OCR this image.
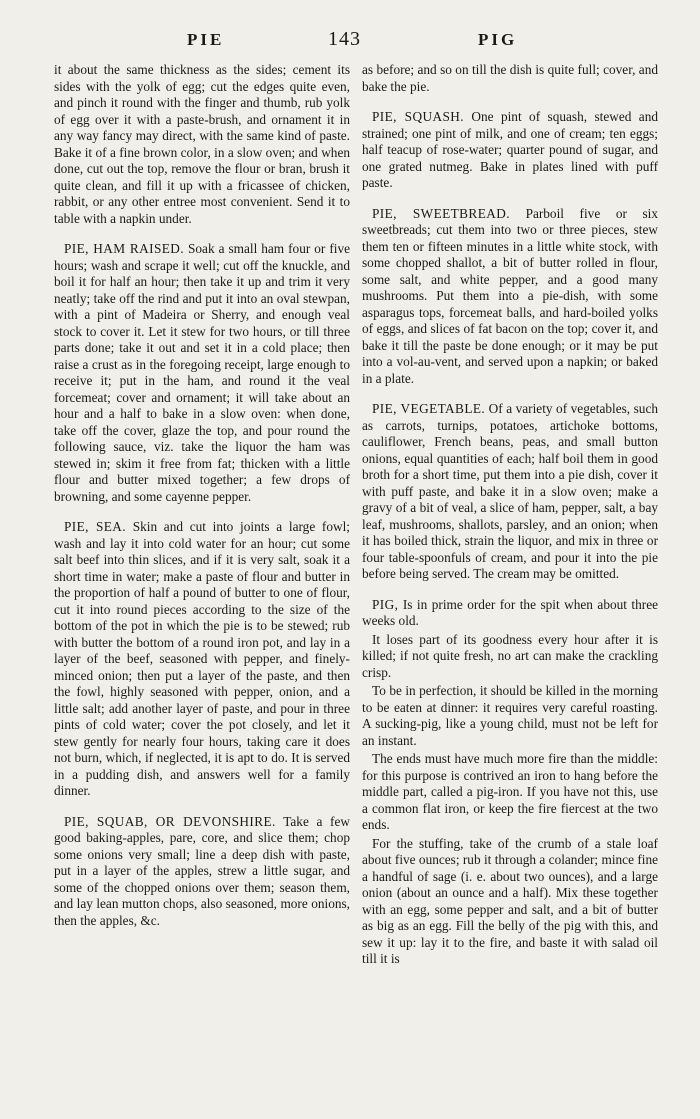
PIE	143	PIG

it about the same thickness as the sides; cement its sides with the yolk of egg; cut the edges quite even, and pinch it round with the finger and thumb, rub yolk of egg over it with a paste-brush, and ornament it in any way fancy may direct, with the same kind of paste. Bake it of a fine brown color, in a slow oven; and when done, cut out the top, remove the flour or bran, brush it quite clean, and fill it up with a fricassee of chicken, rabbit, or any other entree most convenient. Send it to table with a napkin under.

PIE, HAM RAISED. Soak a small ham four or five hours; wash and scrape it well; cut off the knuckle, and boil it for half an hour; then take it up and trim it very neatly; take off the rind and put it into an oval stewpan, with a pint of Madeira or Sherry, and enough veal stock to cover it. Let it stew for two hours, or till three parts done; take it out and set it in a cold place; then raise a crust as in the foregoing receipt, large enough to receive it; put in the ham, and round it the veal forcemeat; cover and ornament; it will take about an hour and a half to bake in a slow oven: when done, take off the cover, glaze the top, and pour round the following sauce, viz. take the liquor the ham was stewed in; skim it free from fat; thicken with a little flour and butter mixed together; a few drops of browning, and some cayenne pepper.

PIE, SEA. Skin and cut into joints a large fowl; wash and lay it into cold water for an hour; cut some salt beef into thin slices, and if it is very salt, soak it a short time in water; make a paste of flour and butter in the proportion of half a pound of butter to one of flour, cut it into round pieces according to the size of the bottom of the pot in which the pie is to be stewed; rub with butter the bottom of a round iron pot, and lay in a layer of the beef, seasoned with pepper, and finely-minced onion; then put a layer of the paste, and then the fowl, highly seasoned with pepper, onion, and a little salt; add another layer of paste, and pour in three pints of cold water; cover the pot closely, and let it stew gently for nearly four hours, taking care it does not burn, which, if neglected, it is apt to do. It is served in a pudding dish, and answers well for a family dinner.

PIE, SQUAB, OR DEVONSHIRE. Take a few good baking-apples, pare, core, and slice them; chop some onions very small; line a deep dish with paste, put in a layer of the apples, strew a little sugar, and some of the chopped onions over them; season them, and lay lean mutton chops, also seasoned, more onions, then the apples, &c.

as before; and so on till the dish is quite full; cover, and bake the pie.

PIE, SQUASH. One pint of squash, stewed and strained; one pint of milk, and one of cream; ten eggs; half teacup of rose-water; quarter pound of sugar, and one grated nutmeg. Bake in plates lined with puff paste.

PIE, SWEETBREAD. Parboil five or six sweetbreads; cut them into two or three pieces, stew them ten or fifteen minutes in a little white stock, with some chopped shallot, a bit of butter rolled in flour, some salt, and white pepper, and a good many mushrooms. Put them into a pie-dish, with some asparagus tops, forcemeat balls, and hard-boiled yolks of eggs, and slices of fat bacon on the top; cover it, and bake it till the paste be done enough; or it may be put into a vol-au-vent, and served upon a napkin; or baked in a plate.

PIE, VEGETABLE. Of a variety of vegetables, such as carrots, turnips, potatoes, artichoke bottoms, cauliflower, French beans, peas, and small button onions, equal quantities of each; half boil them in good broth for a short time, put them into a pie dish, cover it with puff paste, and bake it in a slow oven; make a gravy of a bit of veal, a slice of ham, pepper, salt, a bay leaf, mushrooms, shallots, parsley, and an onion; when it has boiled thick, strain the liquor, and mix in three or four table-spoonfuls of cream, and pour it into the pie before being served. The cream may be omitted.

PIG, Is in prime order for the spit when about three weeks old.

It loses part of its goodness every hour after it is killed; if not quite fresh, no art can make the crackling crisp.

To be in perfection, it should be killed in the morning to be eaten at dinner: it requires very careful roasting. A sucking-pig, like a young child, must not be left for an instant.

The ends must have much more fire than the middle: for this purpose is contrived an iron to hang before the middle part, called a pig-iron. If you have not this, use a common flat iron, or keep the fire fiercest at the two ends.

For the stuffing, take of the crumb of a stale loaf about five ounces; rub it through a colander; mince fine a handful of sage (i. e. about two ounces), and a large onion (about an ounce and a half). Mix these together with an egg, some pepper and salt, and a bit of butter as big as an egg. Fill the belly of the pig with this, and sew it up: lay it to the fire, and baste it with salad oil till it is
